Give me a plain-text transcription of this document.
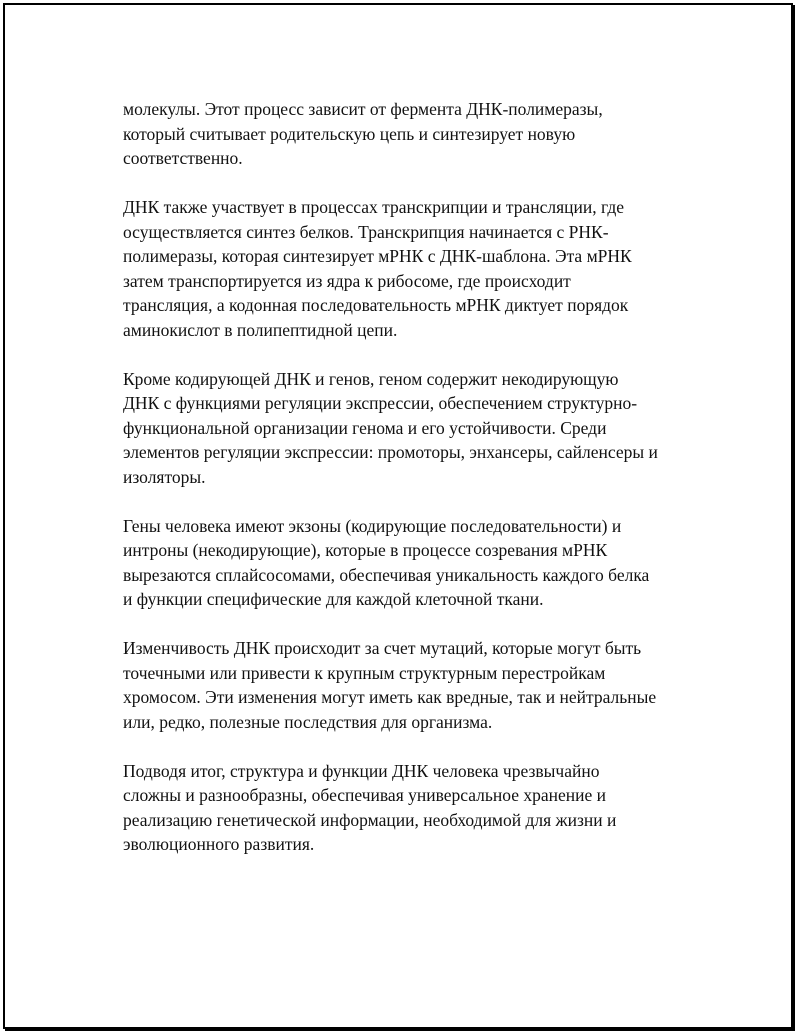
молекулы. Этот процесс зависит от фермента ДНК-полимеразы,
который считывает родительскую цепь и синтезирует новую
соответственно.

ДНК также участвует в процессах транскрипции и трансляции, где
осуществляется синтез белков. Транскрипция начинается с РНК-
полимеразы, которая синтезирует мРНК с ДНК-шаблона. Эта мРНК
затем транспортируется из ядра к рибосоме, где происходит
трансляция, а кодонная последовательность мРНК диктует порядок
аминокислот в полипептидной цепи.

Кроме кодирующей ДНК и генов, геном содержит некодирующую
ДНК с функциями регуляции экспрессии, обеспечением структурно-
функциональной организации генома и его устойчивости. Среди
элементов регуляции экспрессии: промоторы, энхансеры, сайленсеры и
изоляторы.

Гены человека имеют экзоны (кодирующие последовательности) и
интроны (некодирующие), которые в процессе созревания мРНК
вырезаются сплайсосомами, обеспечивая уникальность каждого белка
и функции специфические для каждой клеточной ткани.

Изменчивость ДНК происходит за счет мутаций, которые могут быть
точечными или привести к крупным структурным перестройкам
хромосом. Эти изменения могут иметь как вредные, так и нейтральные
или, редко, полезные последствия для организма.

Подводя итог, структура и функции ДНК человека чрезвычайно
сложны и разнообразны, обеспечивая универсальное хранение и
реализацию генетической информации, необходимой для жизни и
эволюционного развития.
